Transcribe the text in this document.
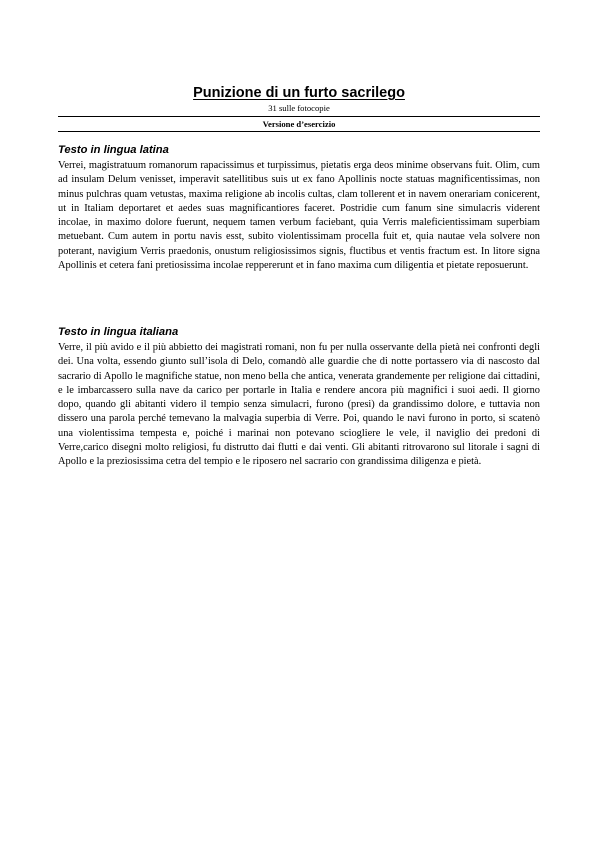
Punizione di un furto sacrilego
31 sulle fotocopie
Versione d’esercizio
Testo in lingua latina

Verrei, magistratuum romanorum rapacissimus et turpissimus, pietatis erga deos minime observans fuit. Olim, cum ad insulam Delum venisset, imperavit satellitibus suis ut ex fano Apollinis nocte statuas magnificentissimas, non minus pulchras quam vetustas, maxima religione ab incolis cultas, clam tollerent et in navem onerariam conicerent, ut in Italiam deportaret et aedes suas magnificantiores faceret. Postridie cum fanum sine simulacris viderent incolae, in maximo dolore fuerunt, nequem tamen verbum faciebant, quia Verris maleficientissimam superbiam metuebant. Cum autem in portu navis esst, subito violentissimam procella fuit et, quia nautae vela solvere non poterant, navigium Verris praedonis, onustum religiosissimos signis, fluctibus et ventis fractum est. In litore signa Apollinis et cetera fani pretiosissima incolae reppererunt et in fano maxima cum diligentia et pietate reposuerunt.

Testo in lingua italiana

Verre, il più avido e il più abbietto dei magistrati romani, non fu per nulla osservante della pietà nei confronti degli dei. Una volta, essendo giunto sull’isola di Delo, comandò alle guardie che di notte portassero via di nascosto dal sacrario di Apollo le magnifiche statue, non meno bella che antica, venerata grandemente per religione dai cittadini, e le imbarcassero sulla nave da carico per portarle in Italia e rendere ancora più magnifici i suoi aedi. Il giorno dopo, quando gli abitanti videro il tempio senza simulacri, furono (presi) da grandissimo dolore, e tuttavia non dissero una parola perché temevano la malvagia superbia di Verre. Poi, quando le navi furono in porto, si scatenò una violentissima tempesta e, poiché i marinai non potevano sciogliere le vele, il naviglio dei predoni di Verre,carico disegni molto religiosi, fu distrutto dai flutti e dai venti. Gli abitanti ritrovarono sul litorale i sagni di Apollo e la preziosissima cetra del tempio e le riposero nel sacrario con grandissima diligenza e pietà.
